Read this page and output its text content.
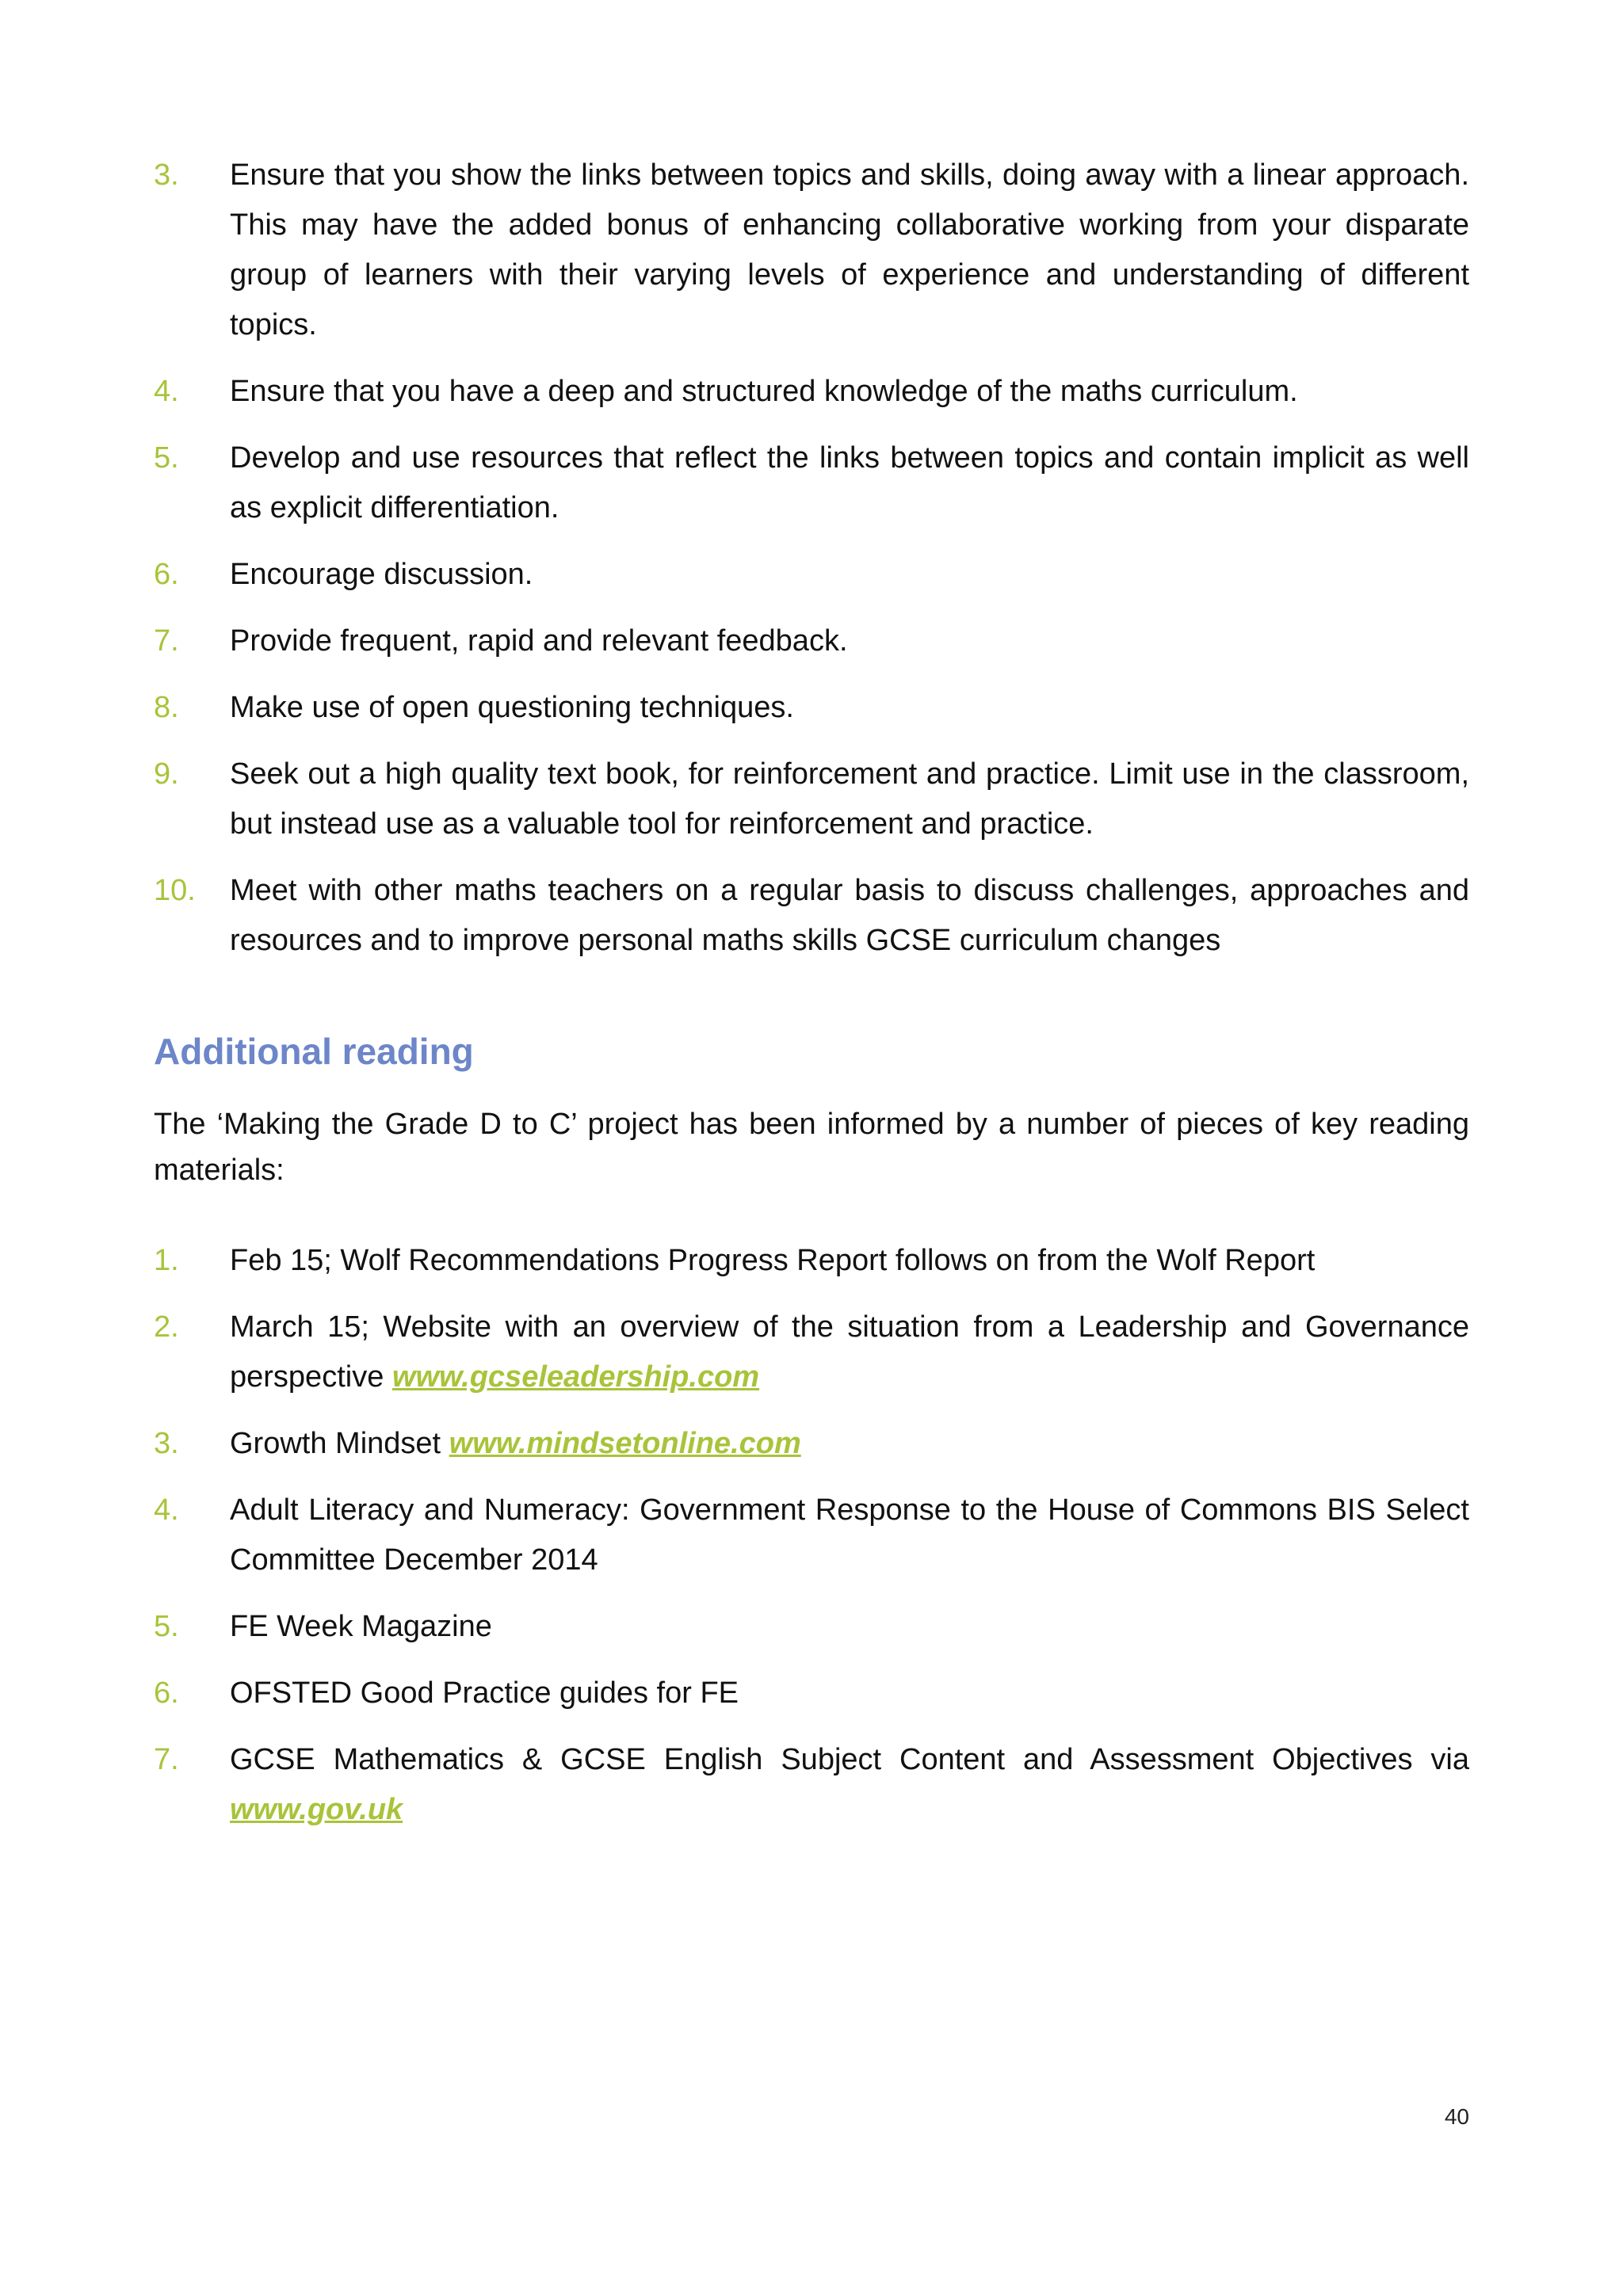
3.	Ensure that you show the links between topics and skills, doing away with a linear approach. This may have the added bonus of enhancing collaborative working from your disparate group of learners with their varying levels of experience and understanding of different topics.
4.	Ensure that you have a deep and structured knowledge of the maths curriculum.
5.	Develop and use resources that reflect the links between topics and contain implicit as well as explicit differentiation.
6.	Encourage discussion.
7.	Provide frequent, rapid and relevant feedback.
8.	Make use of open questioning techniques.
9.	Seek out a high quality text book, for reinforcement and practice. Limit use in the classroom, but instead use as a valuable tool for reinforcement and practice.
10.	Meet with other maths teachers on a regular basis to discuss challenges, approaches and resources and to improve personal maths skills GCSE curriculum changes
Additional reading

The ‘Making the Grade D to C’ project has been informed by a number of pieces of key reading materials:

1.	Feb 15; Wolf Recommendations Progress Report follows on from the Wolf Report
2.	March 15; Website with an overview of the situation from a Leadership and Governance perspective www.gcseleadership.com
3.	Growth Mindset www.mindsetonline.com
4.	Adult Literacy and Numeracy: Government Response to the House of Commons BIS Select Committee December 2014
5.	FE Week Magazine
6.	OFSTED Good Practice guides for FE
7.	GCSE Mathematics & GCSE English Subject Content and Assessment Objectives via www.gov.uk
40
